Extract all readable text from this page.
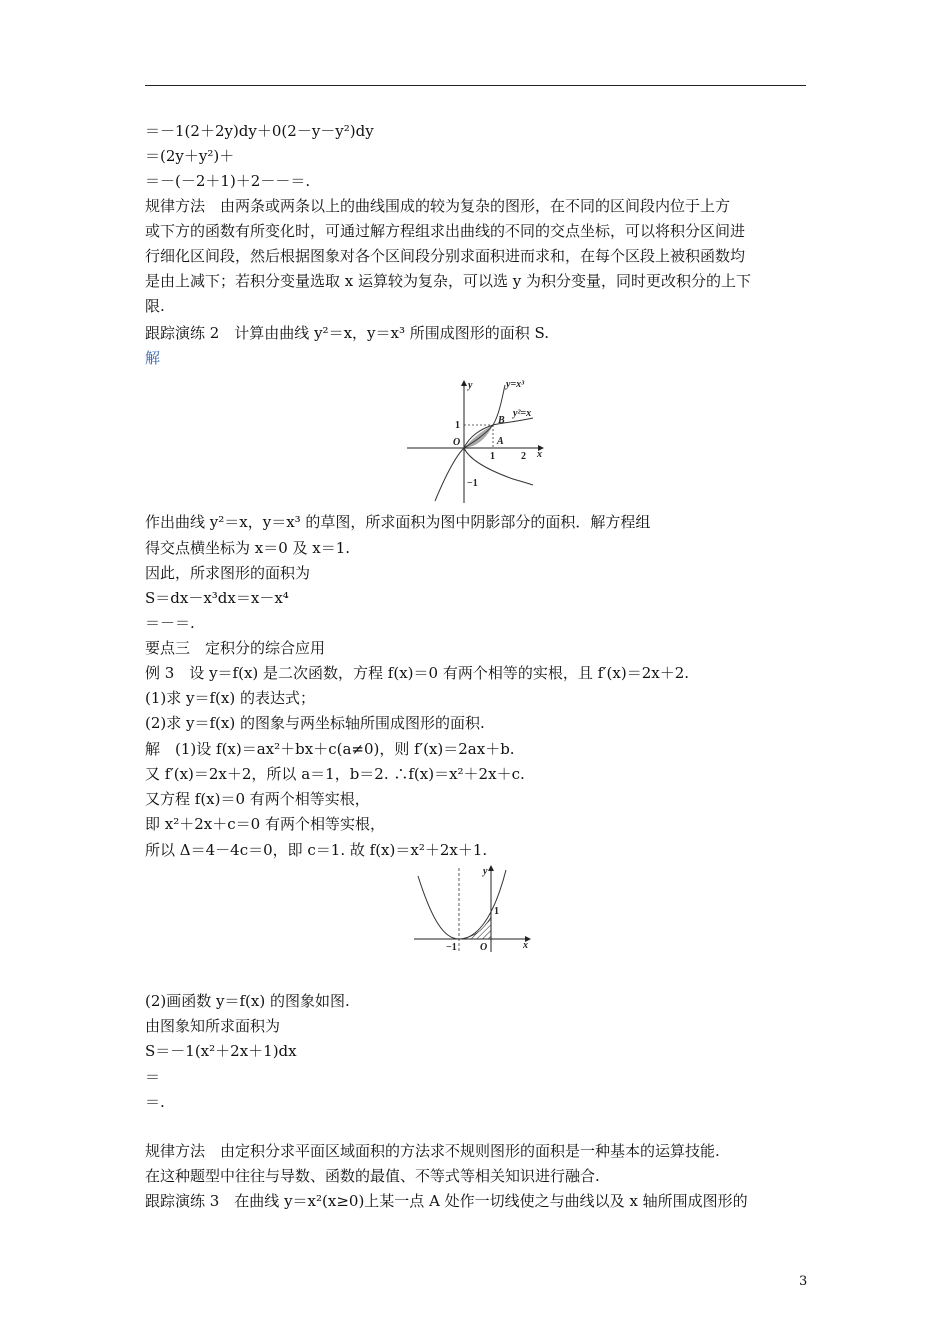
＝－1(2＋2y)dy＋0(2－y－y²)dy
＝(2y＋y²)＋
＝－(－2＋1)＋2－－＝.
规律方法　由两条或两条以上的曲线围成的较为复杂的图形，在不同的区间段内位于上方
或下方的函数有所变化时，可通过解方程组求出曲线的不同的交点坐标，可以将积分区间进
行细化区间段，然后根据图象对各个区间段分别求面积进而求和，在每个区段上被积函数均
是由上减下；若积分变量选取 x 运算较为复杂，可以选 y 为积分变量，同时更改积分的上下
限.
跟踪演练 2　计算由曲线 y²＝x，y＝x³ 所围成图形的面积 S.
解
y	y=x³
y²=x
B
A
O
1
1	2 x
−1
作出曲线 y²＝x，y＝x³ 的草图，所求面积为图中阴影部分的面积．解方程组
得交点横坐标为 x＝0 及 x＝1.
因此，所求图形的面积为
S＝dx－x³dx＝x－x⁴
＝－＝.
要点三　定积分的综合应用
例 3　设 y＝f(x) 是二次函数，方程 f(x)＝0 有两个相等的实根，且 f′(x)＝2x＋2.
(1)求 y＝f(x) 的表达式；
(2)求 y＝f(x) 的图象与两坐标轴所围成图形的面积.
解　(1)设 f(x)＝ax²＋bx＋c(a≠0)，则 f′(x)＝2ax＋b.
又 f′(x)＝2x＋2，所以 a＝1，b＝2. ∴f(x)＝x²＋2x＋c.
又方程 f(x)＝0 有两个相等实根，
即 x²＋2x＋c＝0 有两个相等实根，
所以 Δ＝4－4c＝0，即 c＝1. 故 f(x)＝x²＋2x＋1.
y
1
−1 O	x
(2)画函数 y＝f(x) 的图象如图.
由图象知所求面积为
S＝－1(x²＋2x＋1)dx
＝
＝.
规律方法　由定积分求平面区域面积的方法求不规则图形的面积是一种基本的运算技能.
在这种题型中往往与导数、函数的最值、不等式等相关知识进行融合.
跟踪演练 3　在曲线 y＝x²(x≥0)上某一点 A 处作一切线使之与曲线以及 x 轴所围成图形的
3
